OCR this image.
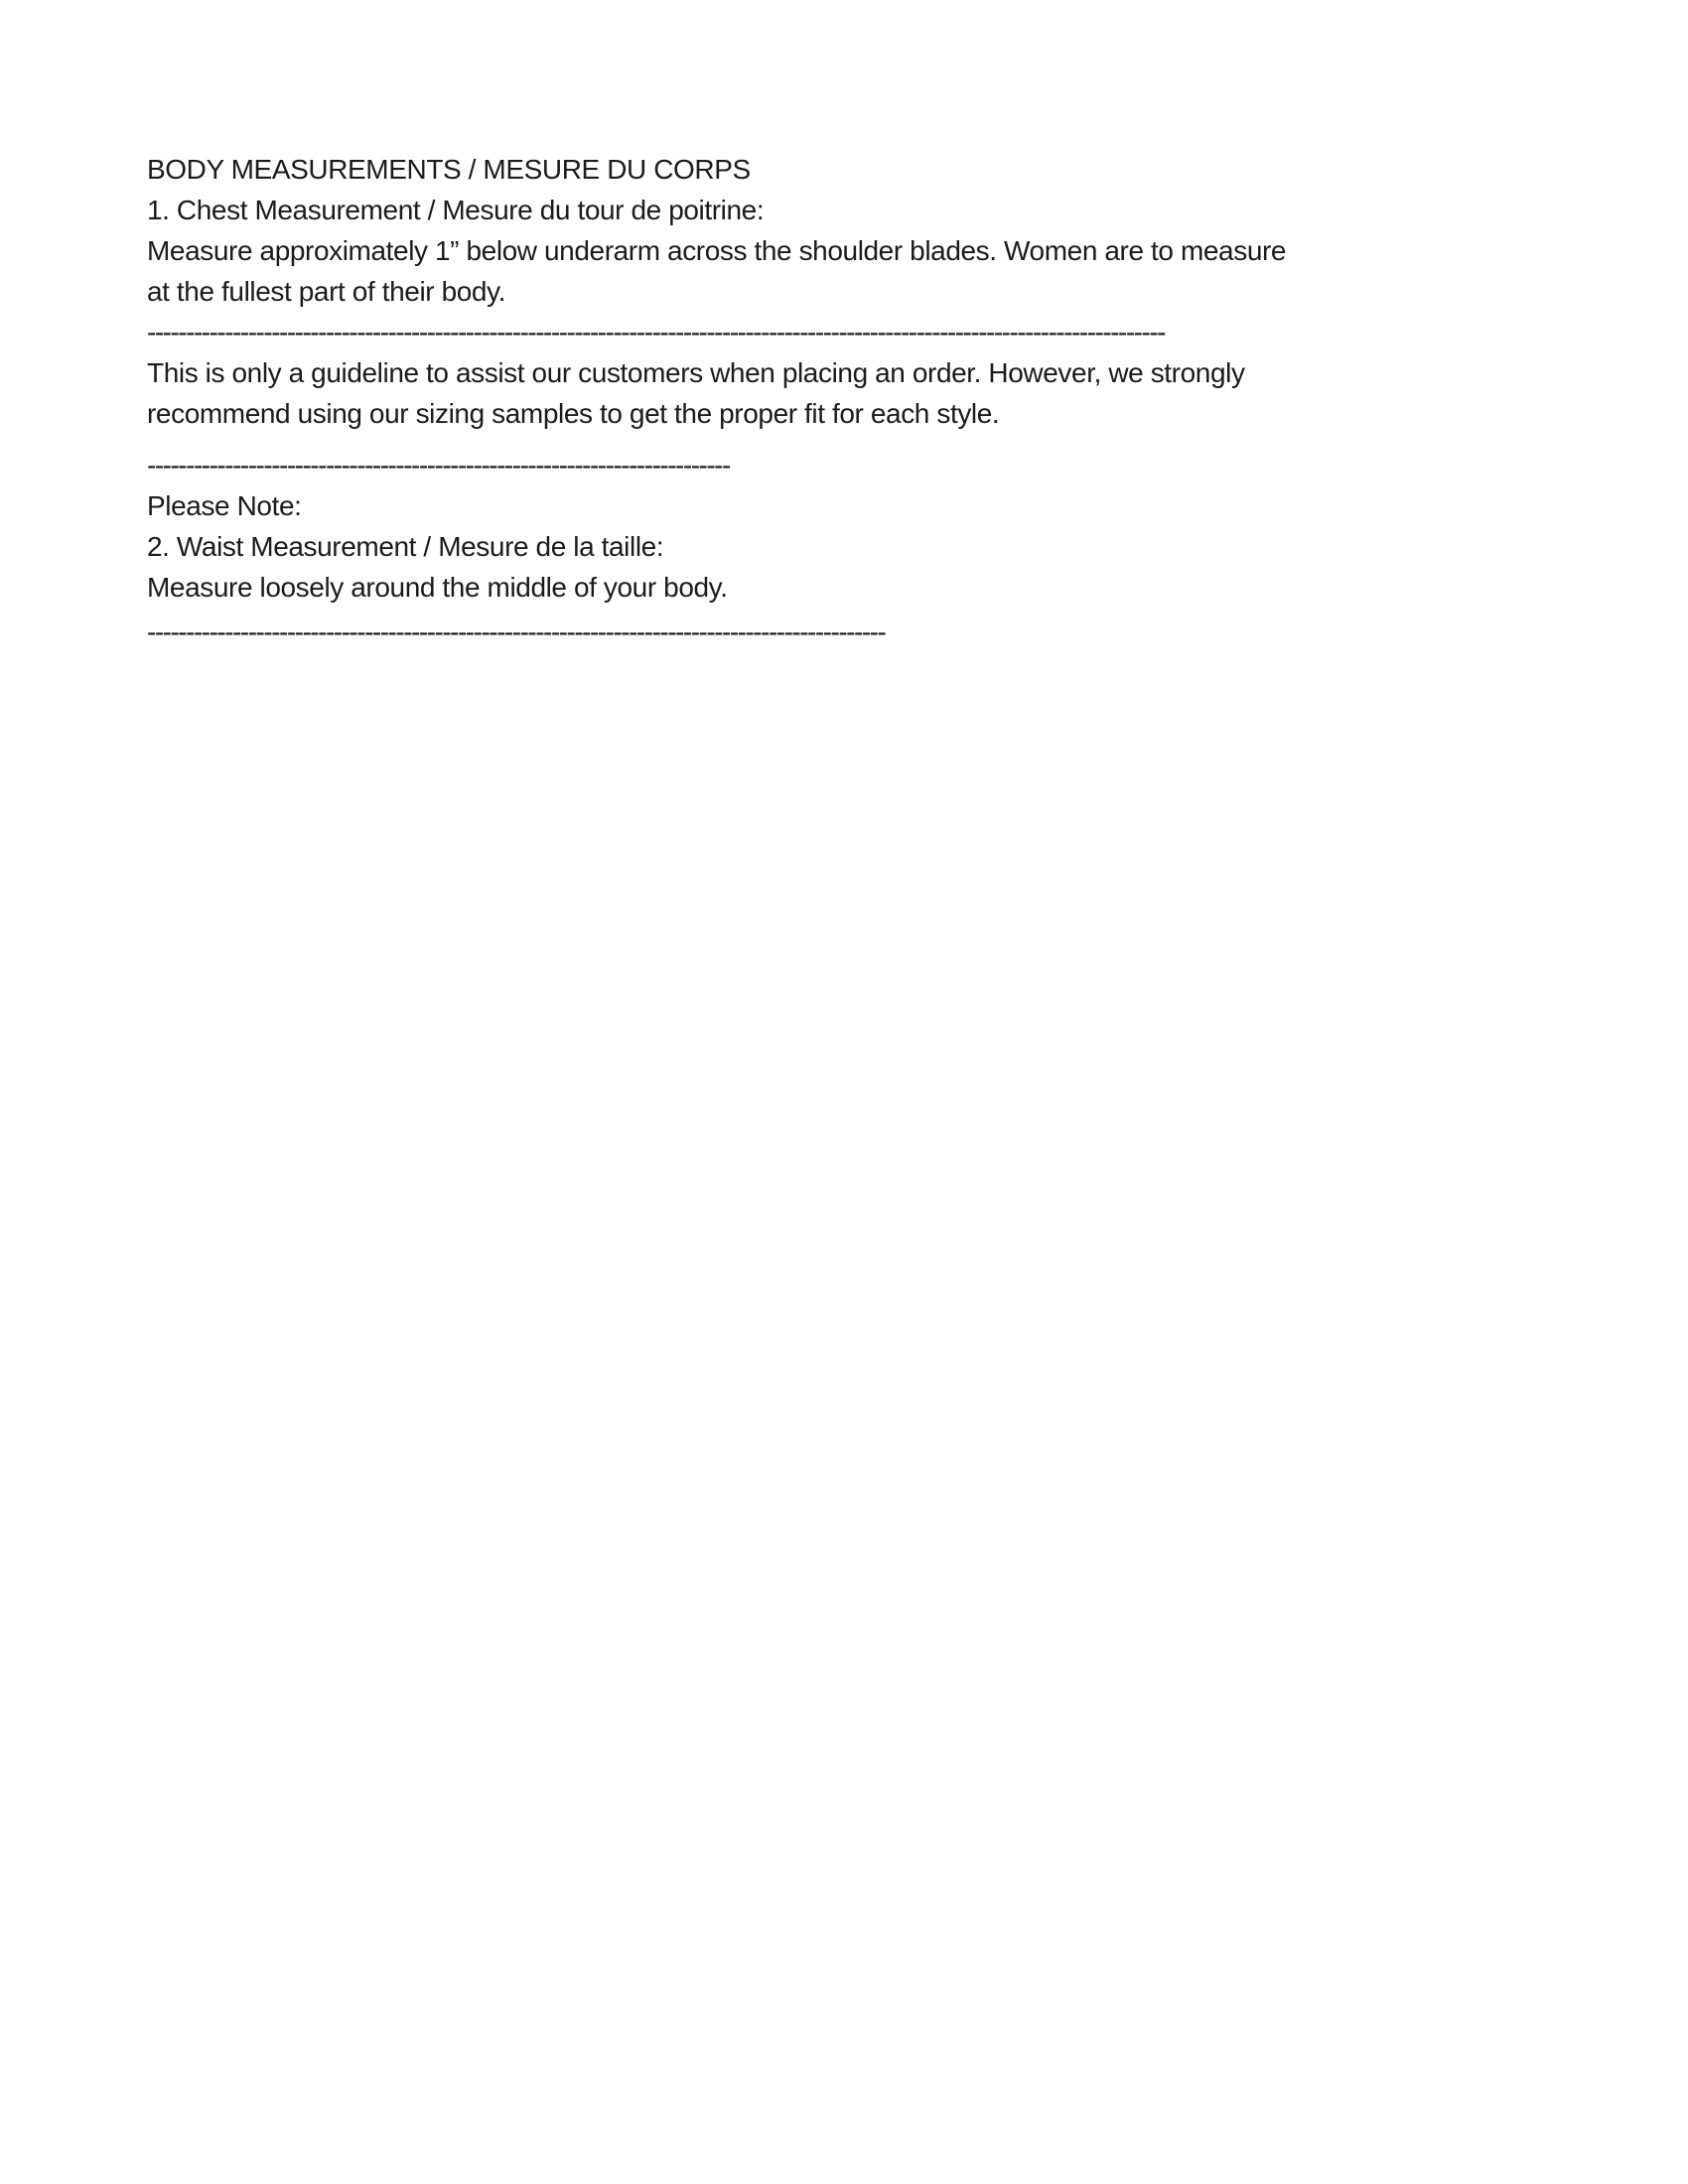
BODY MEASUREMENTS / MESURE DU CORPS

1. Chest Measurement / Mesure du tour de poitrine:

Measure approximately 1” below underarm across the shoulder blades. Women are to measure

at the fullest part of their body.

-----------------------------------------------------------------------------------------------------------------------------------

This is only a guideline to assist our customers when placing an order. However, we strongly

recommend using our sizing samples to get the proper fit for each style.

---------------------------------------------------------------------------

Please Note:

2. Waist Measurement / Mesure de la taille:

Measure loosely around the middle of your body.

-----------------------------------------------------------------------------------------------
